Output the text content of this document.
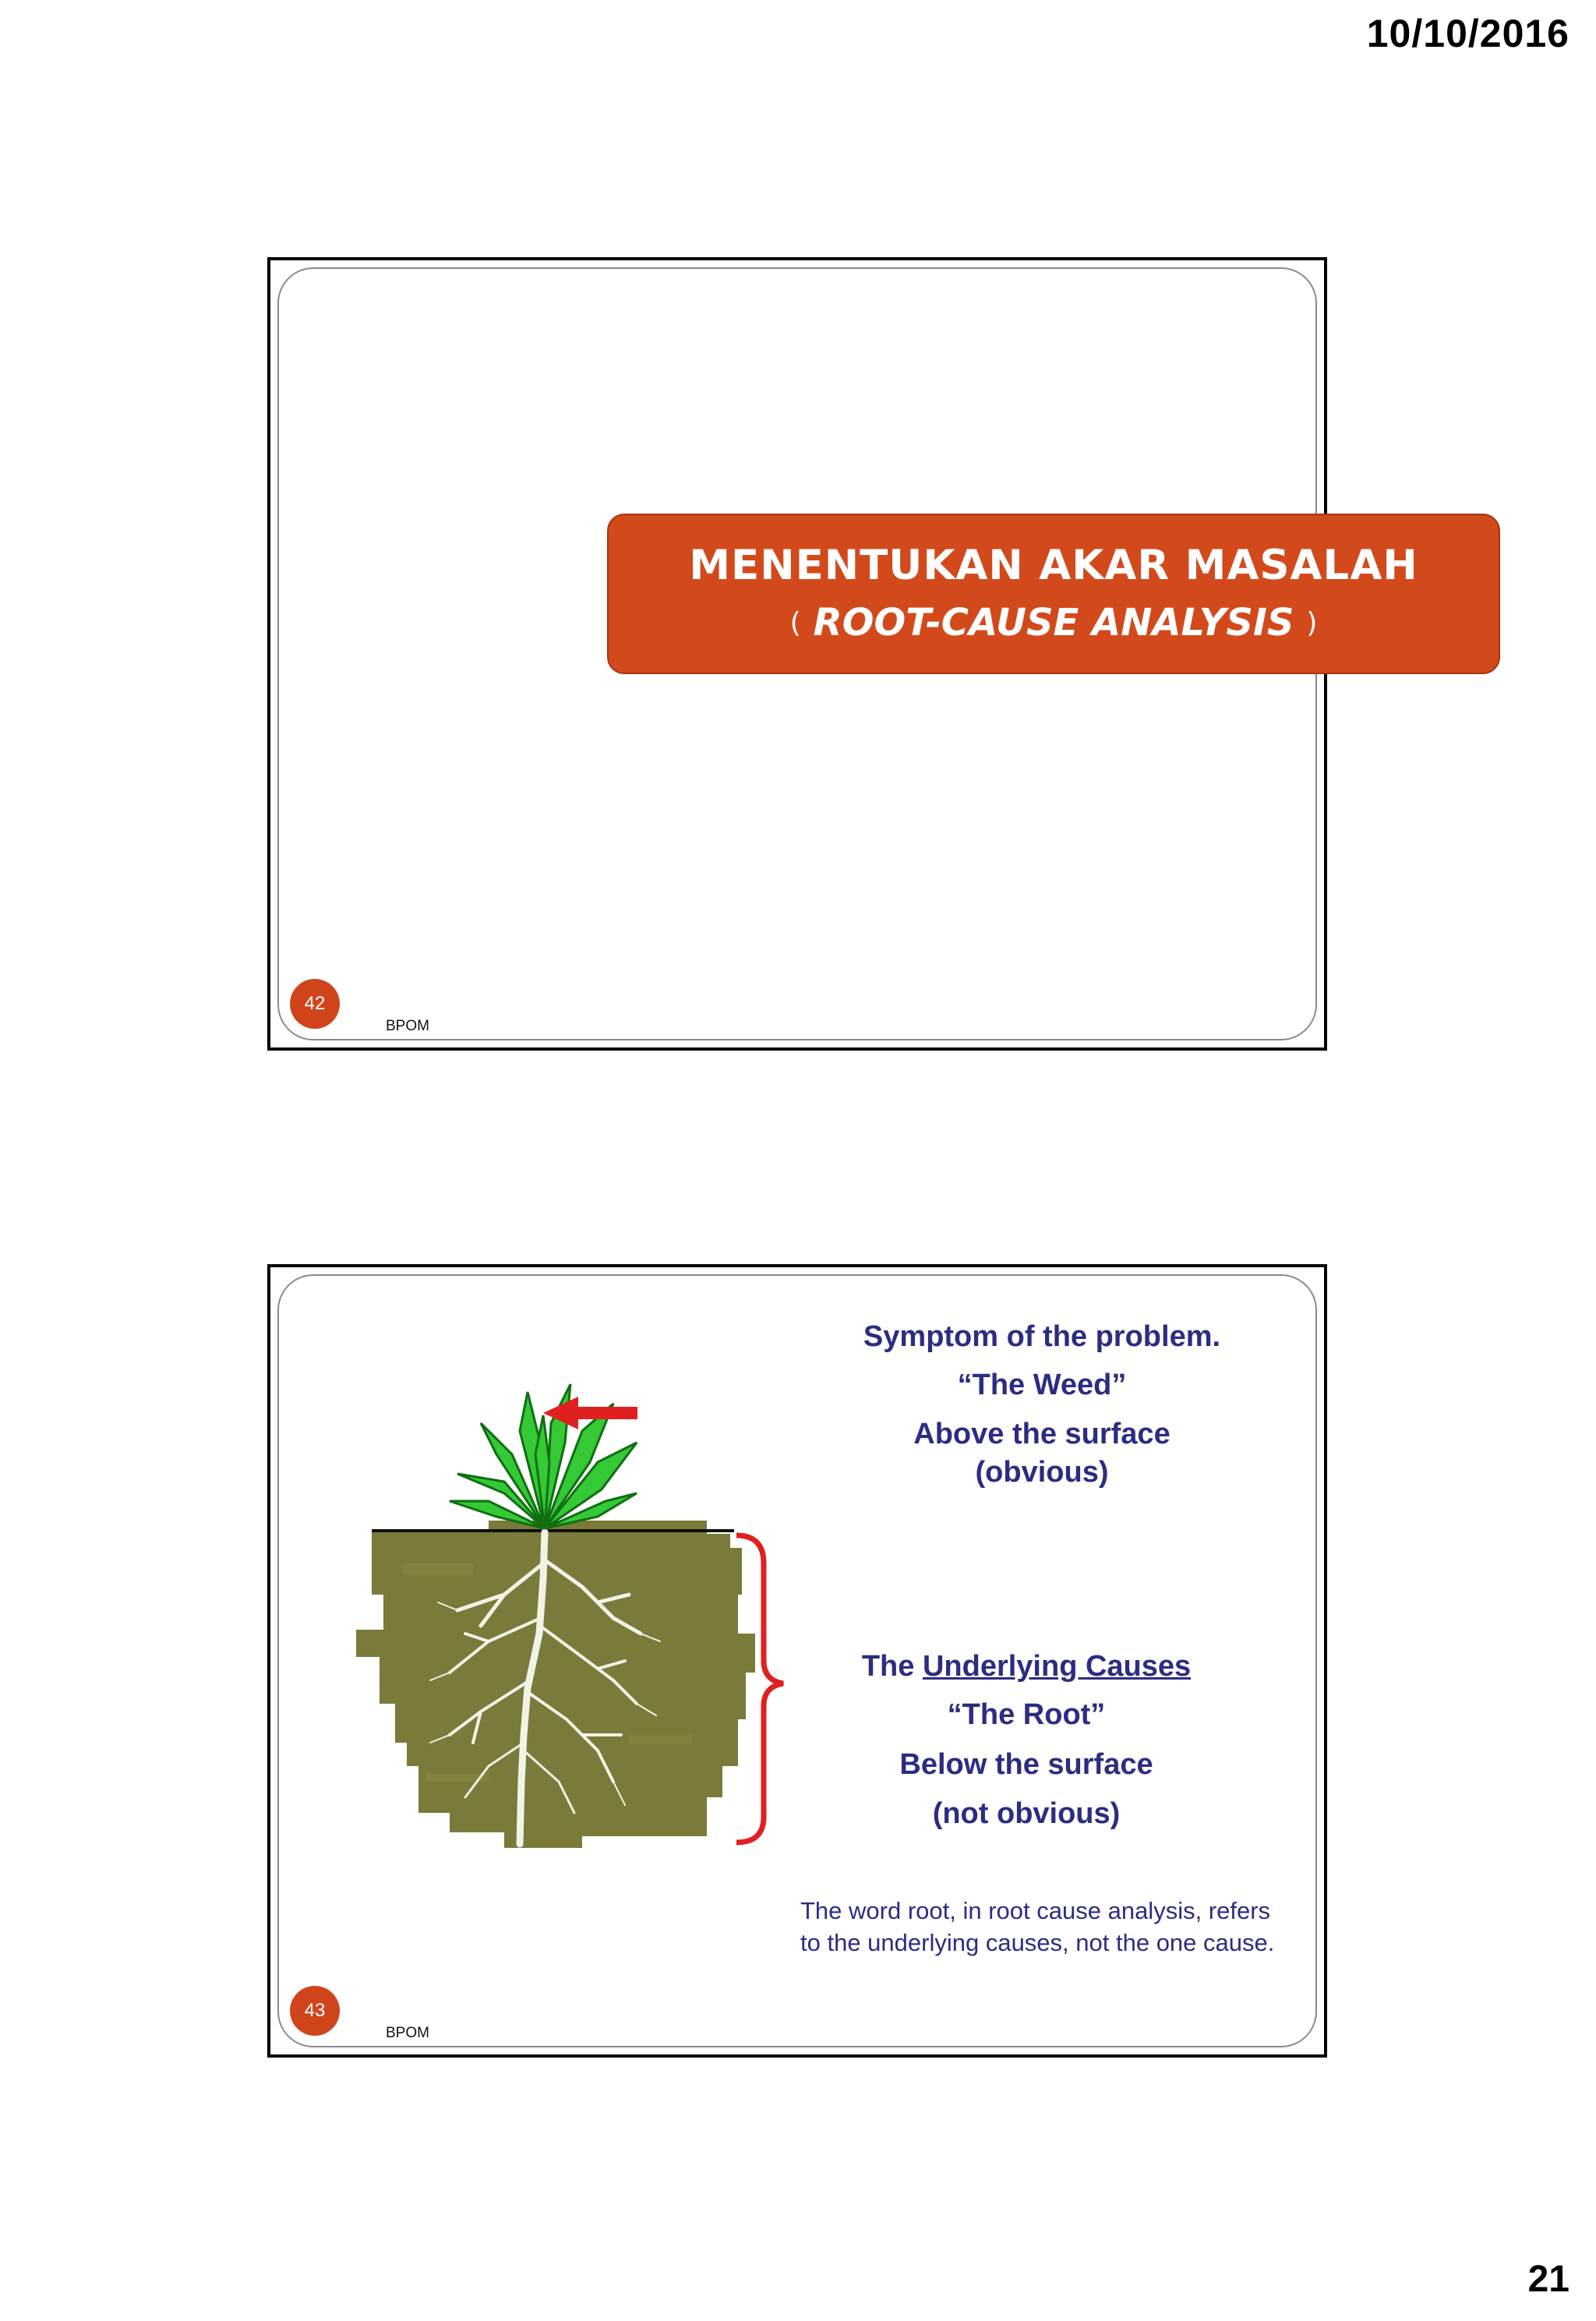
10/10/2016
MENENTUKAN AKAR MASALAH
( ROOT-CAUSE ANALYSIS )
42
BPOM
Symptom of the problem.
“The Weed”
Above the surface
(obvious)
The Underlying Causes
“The Root”
Below the surface
(not obvious)
The word root, in root cause analysis, refers
to the underlying causes, not the one cause.
43
BPOM
21
